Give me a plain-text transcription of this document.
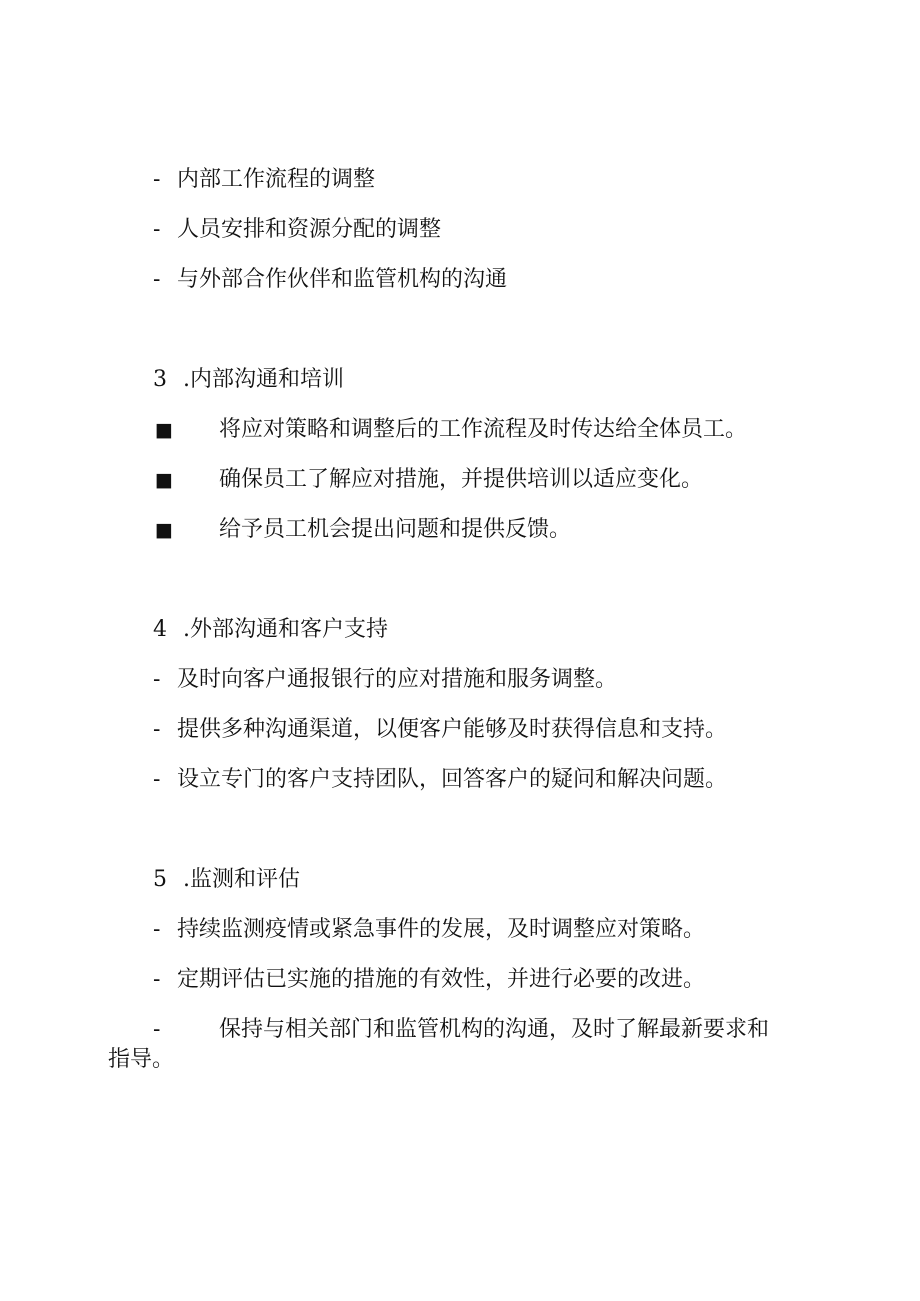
- 内部工作流程的调整
- 人员安排和资源分配的调整
- 与外部合作伙伴和监管机构的沟通
3 .内部沟通和培训
■ 将应对策略和调整后的工作流程及时传达给全体员工。
■ 确保员工了解应对措施，并提供培训以适应变化。
■ 给予员工机会提出问题和提供反馈。
4 .外部沟通和客户支持
- 及时向客户通报银行的应对措施和服务调整。
- 提供多种沟通渠道，以便客户能够及时获得信息和支持。
- 设立专门的客户支持团队，回答客户的疑问和解决问题。
5 .监测和评估
- 持续监测疫情或紧急事件的发展，及时调整应对策略。
- 定期评估已实施的措施的有效性，并进行必要的改进。
-	保持与相关部门和监管机构的沟通，及时了解最新要求和
指导。
